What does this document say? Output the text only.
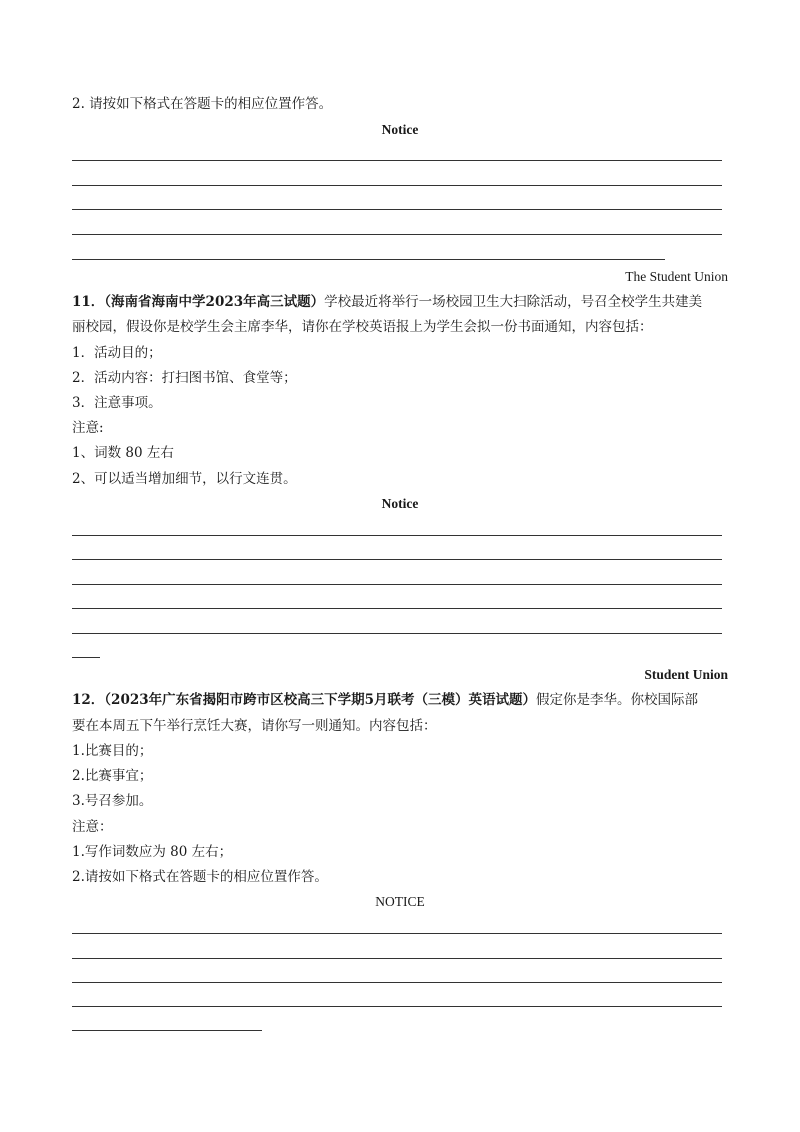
2. 请按如下格式在答题卡的相应位置作答。
Notice
The Student Union
11．（海南省海南中学2023年高三试题）学校最近将举行一场校园卫生大扫除活动，号召全校学生共建美
丽校园，假设你是校学生会主席李华，请你在学校英语报上为学生会拟一份书面通知，内容包括：
1．活动目的；
2．活动内容：打扫图书馆、食堂等；
3．注意事项。
注意:
1、词数 80 左右
2、可以适当增加细节，以行文连贯。
Notice
Student Union
12．（2023年广东省揭阳市跨市区校高三下学期5月联考（三模）英语试题）假定你是李华。你校国际部
要在本周五下午举行烹饪大赛，请你写一则通知。内容包括：
1.比赛目的；
2.比赛事宜；
3.号召参加。
注意：
1.写作词数应为 80 左右；
2.请按如下格式在答题卡的相应位置作答。
NOTICE
